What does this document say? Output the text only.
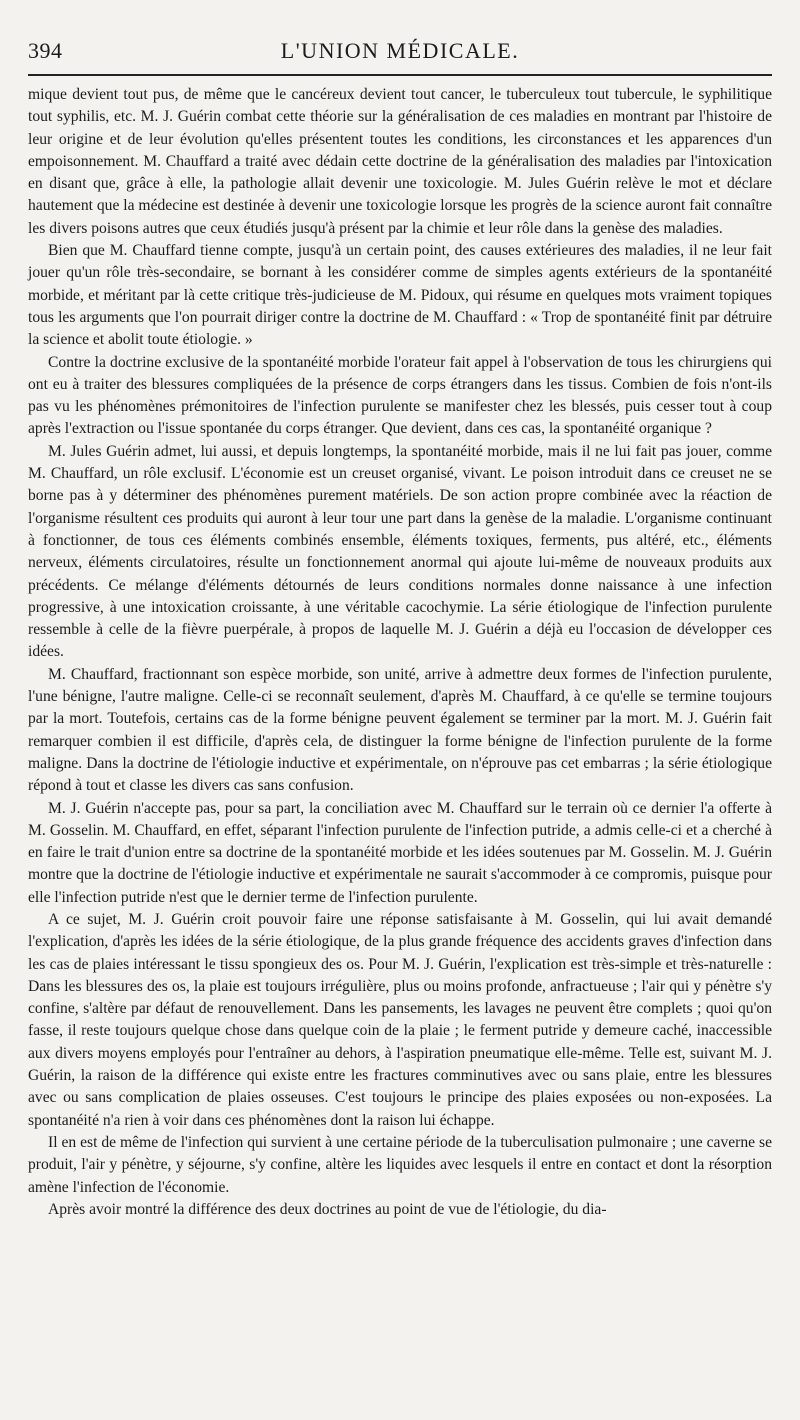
394	L'UNION MÉDICALE.

mique devient tout pus, de même que le cancéreux devient tout cancer, le tuberculeux tout tubercule, le syphilitique tout syphilis, etc. M. J. Guérin combat cette théorie sur la généralisation de ces maladies en montrant par l'histoire de leur origine et de leur évolution qu'elles présentent toutes les conditions, les circonstances et les apparences d'un empoisonnement. M. Chauffard a traité avec dédain cette doctrine de la généralisation des maladies par l'intoxication en disant que, grâce à elle, la pathologie allait devenir une toxicologie. M. Jules Guérin relève le mot et déclare hautement que la médecine est destinée à devenir une toxicologie lorsque les progrès de la science auront fait connaître les divers poisons autres que ceux étudiés jusqu'à présent par la chimie et leur rôle dans la genèse des maladies.

Bien que M. Chauffard tienne compte, jusqu'à un certain point, des causes extérieures des maladies, il ne leur fait jouer qu'un rôle très-secondaire, se bornant à les considérer comme de simples agents extérieurs de la spontanéité morbide, et méritant par là cette critique très-judicieuse de M. Pidoux, qui résume en quelques mots vraiment topiques tous les arguments que l'on pourrait diriger contre la doctrine de M. Chauffard : « Trop de spontanéité finit par détruire la science et abolit toute étiologie. »

Contre la doctrine exclusive de la spontanéité morbide l'orateur fait appel à l'observation de tous les chirurgiens qui ont eu à traiter des blessures compliquées de la présence de corps étrangers dans les tissus. Combien de fois n'ont-ils pas vu les phénomènes prémonitoires de l'infection purulente se manifester chez les blessés, puis cesser tout à coup après l'extraction ou l'issue spontanée du corps étranger. Que devient, dans ces cas, la spontanéité organique ?

M. Jules Guérin admet, lui aussi, et depuis longtemps, la spontanéité morbide, mais il ne lui fait pas jouer, comme M. Chauffard, un rôle exclusif. L'économie est un creuset organisé, vivant. Le poison introduit dans ce creuset ne se borne pas à y déterminer des phénomènes purement matériels. De son action propre combinée avec la réaction de l'organisme résultent ces produits qui auront à leur tour une part dans la genèse de la maladie. L'organisme continuant à fonctionner, de tous ces éléments combinés ensemble, éléments toxiques, ferments, pus altéré, etc., éléments nerveux, éléments circulatoires, résulte un fonctionnement anormal qui ajoute lui-même de nouveaux produits aux précédents. Ce mélange d'éléments détournés de leurs conditions normales donne naissance à une infection progressive, à une intoxication croissante, à une véritable cacochymie. La série étiologique de l'infection purulente ressemble à celle de la fièvre puerpérale, à propos de laquelle M. J. Guérin a déjà eu l'occasion de développer ces idées.

M. Chauffard, fractionnant son espèce morbide, son unité, arrive à admettre deux formes de l'infection purulente, l'une bénigne, l'autre maligne. Celle-ci se reconnaît seulement, d'après M. Chauffard, à ce qu'elle se termine toujours par la mort. Toutefois, certains cas de la forme bénigne peuvent également se terminer par la mort. M. J. Guérin fait remarquer combien il est difficile, d'après cela, de distinguer la forme bénigne de l'infection purulente de la forme maligne. Dans la doctrine de l'étiologie inductive et expérimentale, on n'éprouve pas cet embarras ; la série étiologique répond à tout et classe les divers cas sans confusion.

M. J. Guérin n'accepte pas, pour sa part, la conciliation avec M. Chauffard sur le terrain où ce dernier l'a offerte à M. Gosselin. M. Chauffard, en effet, séparant l'infection purulente de l'infection putride, a admis celle-ci et a cherché à en faire le trait d'union entre sa doctrine de la spontanéité morbide et les idées soutenues par M. Gosselin. M. J. Guérin montre que la doctrine de l'étiologie inductive et expérimentale ne saurait s'accommoder à ce compromis, puisque pour elle l'infection putride n'est que le dernier terme de l'infection purulente.

A ce sujet, M. J. Guérin croit pouvoir faire une réponse satisfaisante à M. Gosselin, qui lui avait demandé l'explication, d'après les idées de la série étiologique, de la plus grande fréquence des accidents graves d'infection dans les cas de plaies intéressant le tissu spongieux des os. Pour M. J. Guérin, l'explication est très-simple et très-naturelle : Dans les blessures des os, la plaie est toujours irrégulière, plus ou moins profonde, anfractueuse ; l'air qui y pénètre s'y confine, s'altère par défaut de renouvellement. Dans les pansements, les lavages ne peuvent être complets ; quoi qu'on fasse, il reste toujours quelque chose dans quelque coin de la plaie ; le ferment putride y demeure caché, inaccessible aux divers moyens employés pour l'entraîner au dehors, à l'aspiration pneumatique elle-même. Telle est, suivant M. J. Guérin, la raison de la différence qui existe entre les fractures comminutives avec ou sans plaie, entre les blessures avec ou sans complication de plaies osseuses. C'est toujours le principe des plaies exposées ou non-exposées. La spontanéité n'a rien à voir dans ces phénomènes dont la raison lui échappe.

Il en est de même de l'infection qui survient à une certaine période de la tuberculisation pulmonaire ; une caverne se produit, l'air y pénètre, y séjourne, s'y confine, altère les liquides avec lesquels il entre en contact et dont la résorption amène l'infection de l'économie.

Après avoir montré la différence des deux doctrines au point de vue de l'étiologie, du dia-
